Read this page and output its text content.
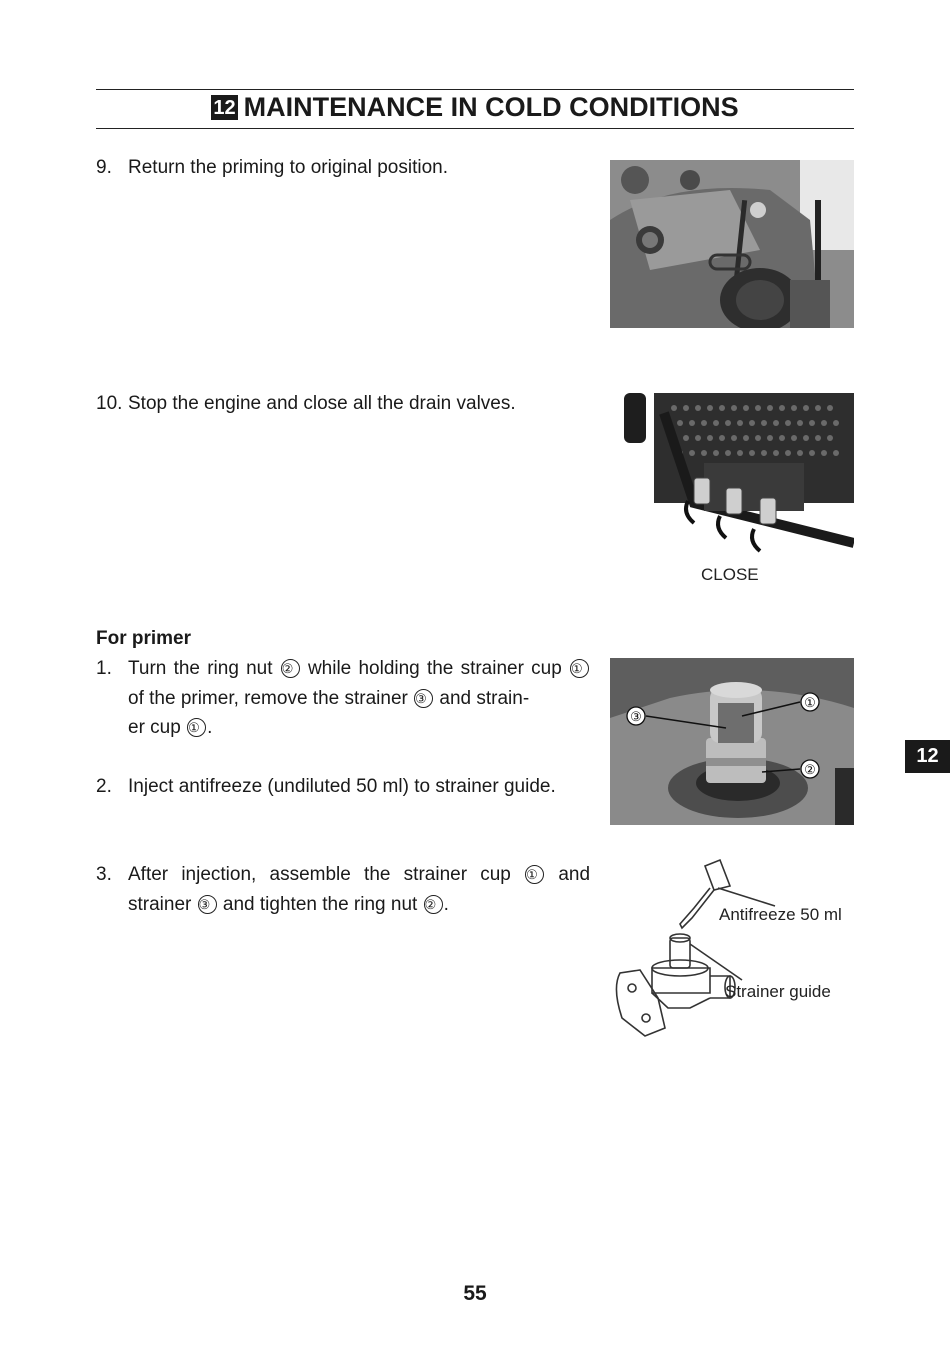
12 MAINTENANCE IN COLD CONDITIONS
9. Return the priming to original position.
10. Stop the engine and close all the drain valves.
CLOSE
For primer
1. Turn the ring nut ② while holding the strainer cup ① of the primer, remove the strainer ③ and strain-
er cup ① .
2. Inject antifreeze (undiluted 50 ml) to strainer guide.
3. After injection, assemble the strainer cup ① and strainer ③ and tighten the ring nut ② .
③
①
②
Antifreeze 50 ml
Strainer guide
12
55
